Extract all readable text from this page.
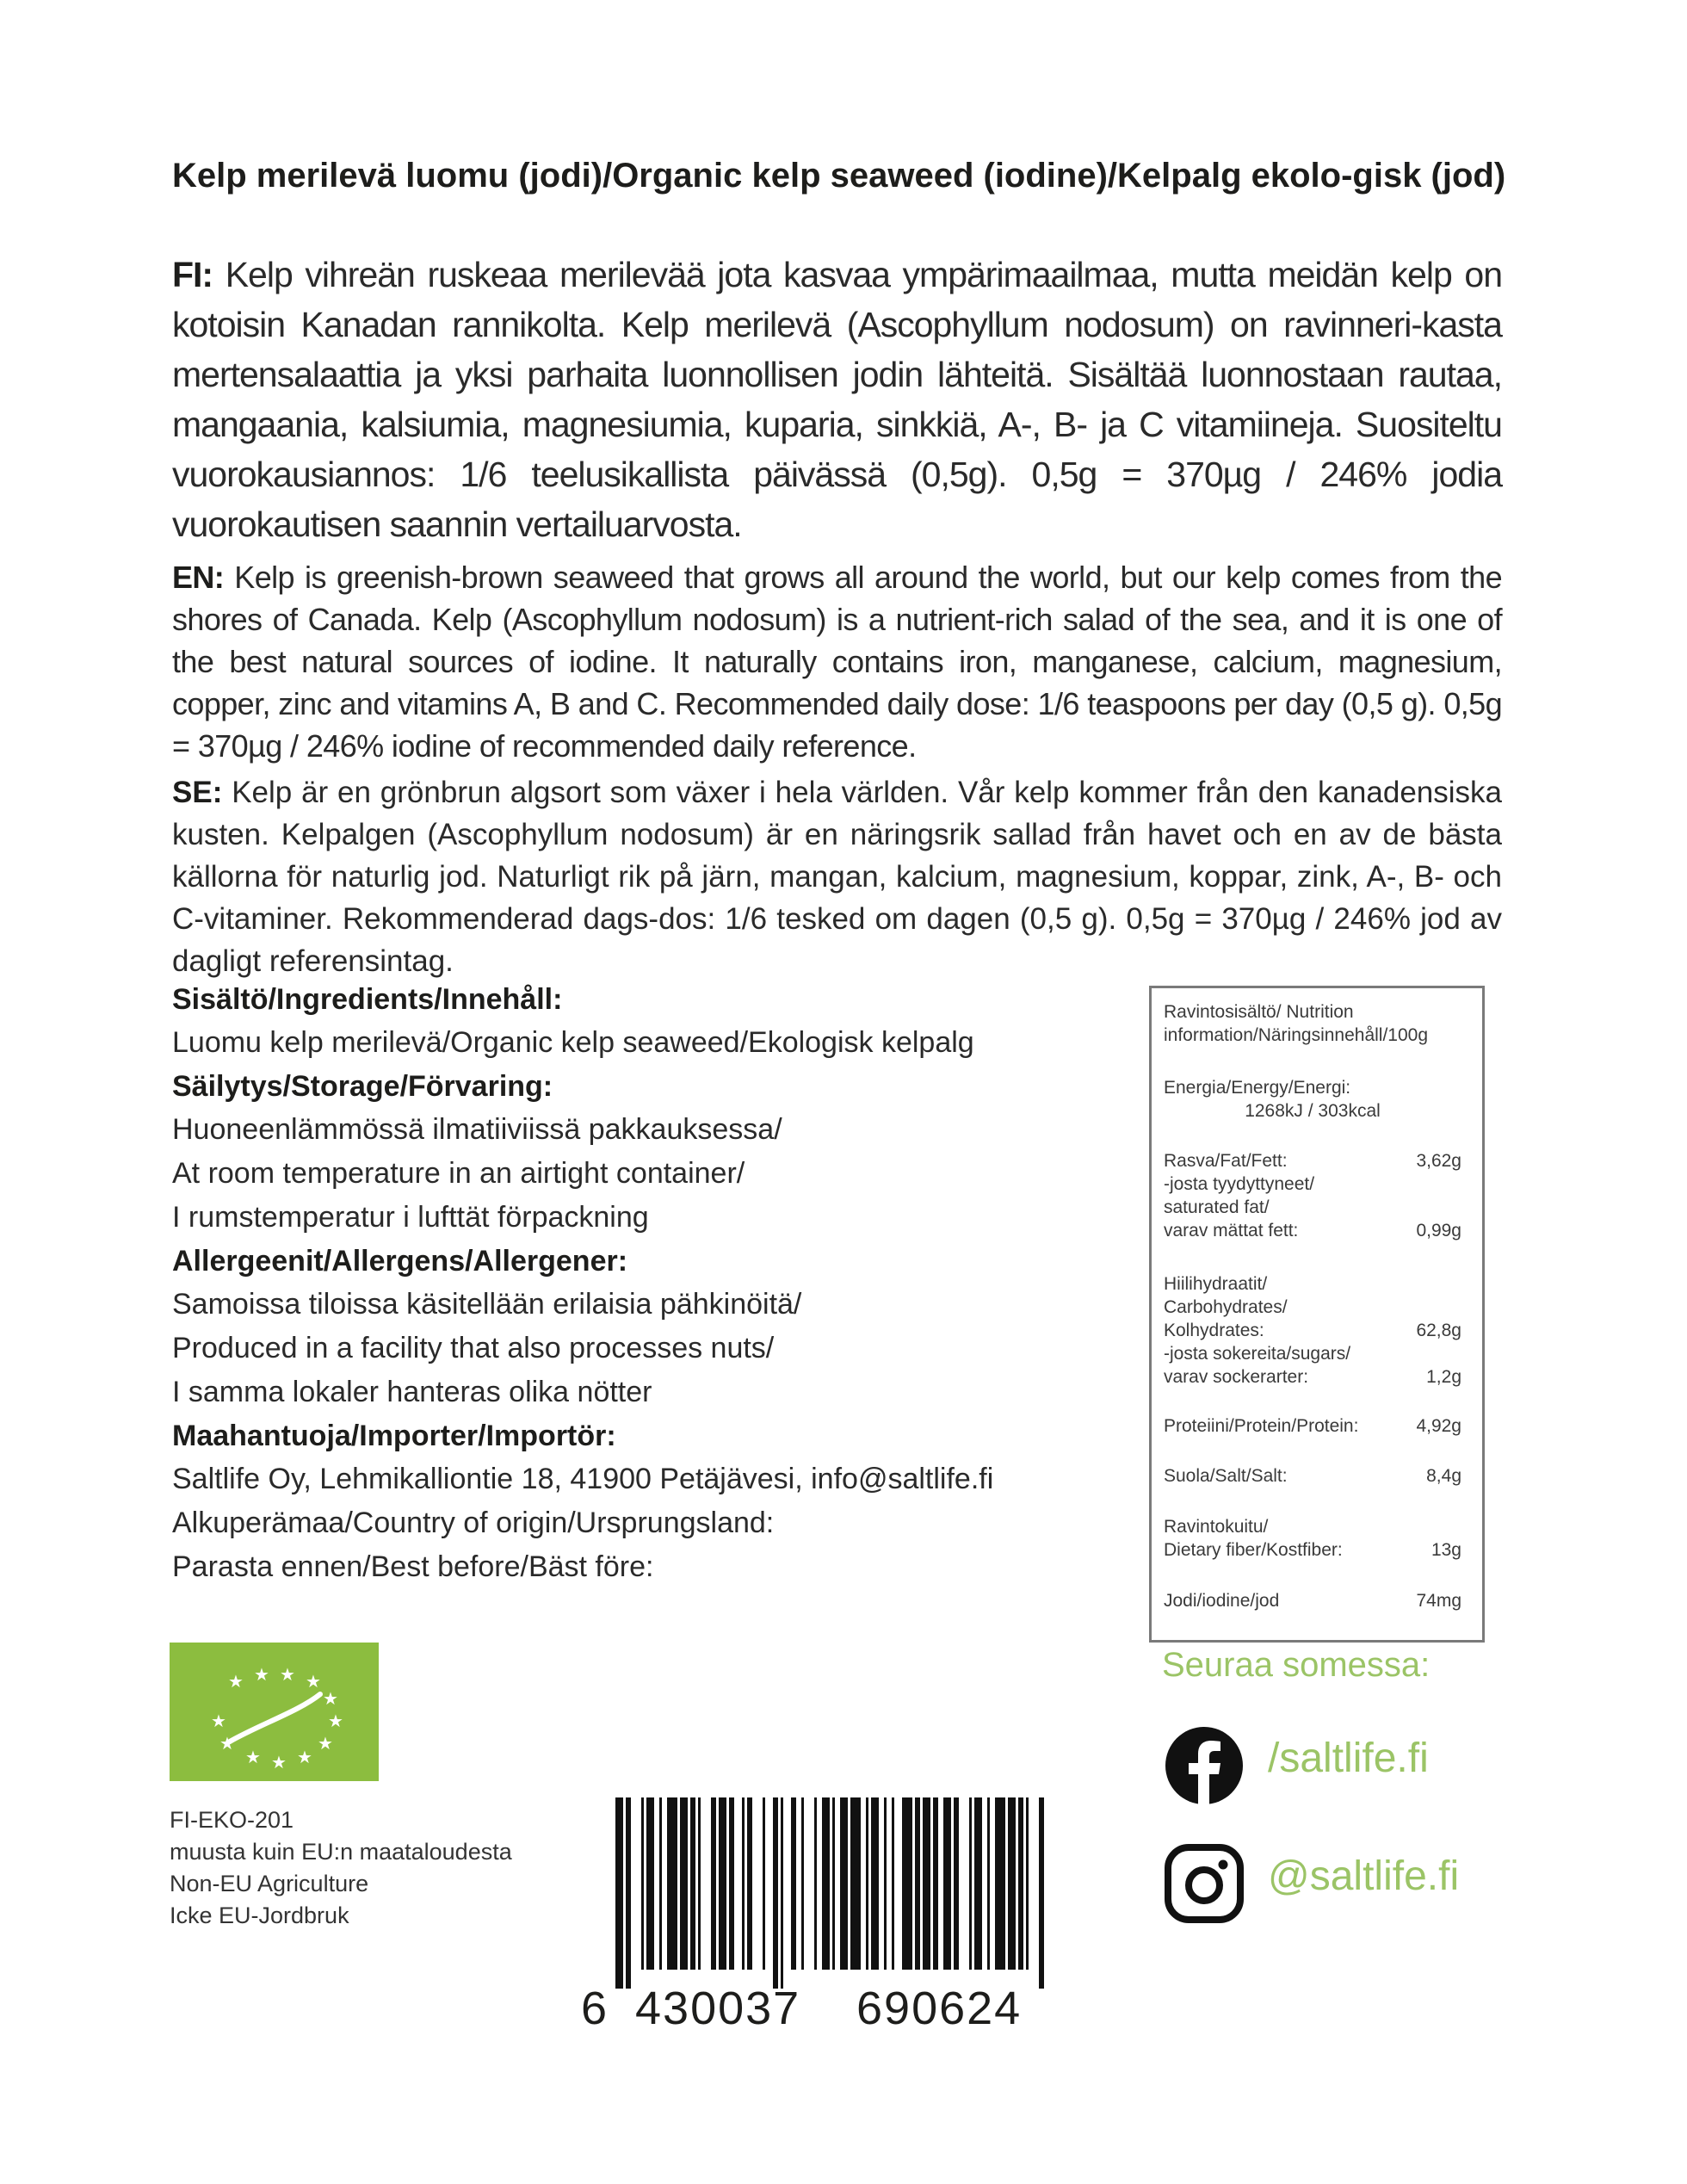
Kelp merilevä luomu (jodi)/Organic kelp seaweed (iodine)/Kelpalg ekolo-gisk (jod)
FI: Kelp vihreän ruskeaa merilevää jota kasvaa ympärimaailmaa, mutta meidän kelp on kotoisin Kanadan rannikolta. Kelp merilevä (Ascophyllum nodosum) on ravinneri-kasta mertensalaattia ja yksi parhaita luonnollisen jodin lähteitä. Sisältää luonnostaan rautaa, mangaania, kalsiumia, magnesiumia, kuparia, sinkkiä, A-, B- ja C vitamiineja. Suositeltu vuorokausiannos: 1/6 teelusikallista päivässä (0,5g). 0,5g = 370µg / 246% jodia vuorokautisen saannin vertailuarvosta.
EN: Kelp is greenish-brown seaweed that grows all around the world, but our kelp comes from the shores of Canada. Kelp (Ascophyllum nodosum) is a nutrient-rich salad of the sea, and it is one of the best natural sources of iodine. It naturally contains iron, manganese, calcium, magnesium, copper, zinc and vitamins A, B and C. Recommended daily dose: 1/6 teaspoons per day (0,5 g). 0,5g = 370µg / 246% iodine of recommended daily reference.
SE: Kelp är en grönbrun algsort som växer i hela världen. Vår kelp kommer från den kanadensiska kusten. Kelpalgen (Ascophyllum nodosum) är en näringsrik sallad från havet och en av de bästa källorna för naturlig jod. Naturligt rik på järn, mangan, kalcium, magnesium, koppar, zink, A-, B- och C-vitaminer. Rekommenderad dags-dos: 1/6 tesked om dagen (0,5 g). 0,5g = 370µg / 246% jod av dagligt referensintag.
Sisältö/Ingredients/Innehåll:
Luomu kelp merilevä/Organic kelp seaweed/Ekologisk kelpalg
Säilytys/Storage/Förvaring:
Huoneenlämmössä ilmatiiviissä pakkauksessa/
At room temperature in an airtight container/
I rumstemperatur i lufttät förpackning
Allergeenit/Allergens/Allergener:
Samoissa tiloissa käsitellään erilaisia pähkinöitä/
Produced in a facility that also processes nuts/
I samma lokaler hanteras olika nötter
Maahantuoja/Importer/Importör:
Saltlife Oy, Lehmikalliontie 18, 41900 Petäjävesi, info@saltlife.fi
Alkuperämaa/Country of origin/Ursprungsland:
Parasta ennen/Best before/Bäst före:
Ravintosisältö/ Nutrition
information/Näringsinnehåll/100g
Energia/Energy/Energi:
1268kJ / 303kcal
Rasva/Fat/Fett:	3,62g
-josta tyydyttyneet/
saturated fat/
varav mättat fett:	0,99g
Hiilihydraatit/
Carbohydrates/
Kolhydrates:	62,8g
-josta sokereita/sugars/
varav sockerarter:	1,2g
Proteiini/Protein/Protein:	4,92g
Suola/Salt/Salt:	8,4g
Ravintokuitu/
Dietary fiber/Kostfiber:	13g
Jodi/iodine/jod	74mg
★ ★ ★ ★
★
★
★
★
★
★
★
★
FI-EKO-201
muusta kuin EU:n maataloudesta
Non-EU Agriculture
Icke EU-Jordbruk
6 430037 690624
Seuraa somessa:
/saltlife.fi
@saltlife.fi
